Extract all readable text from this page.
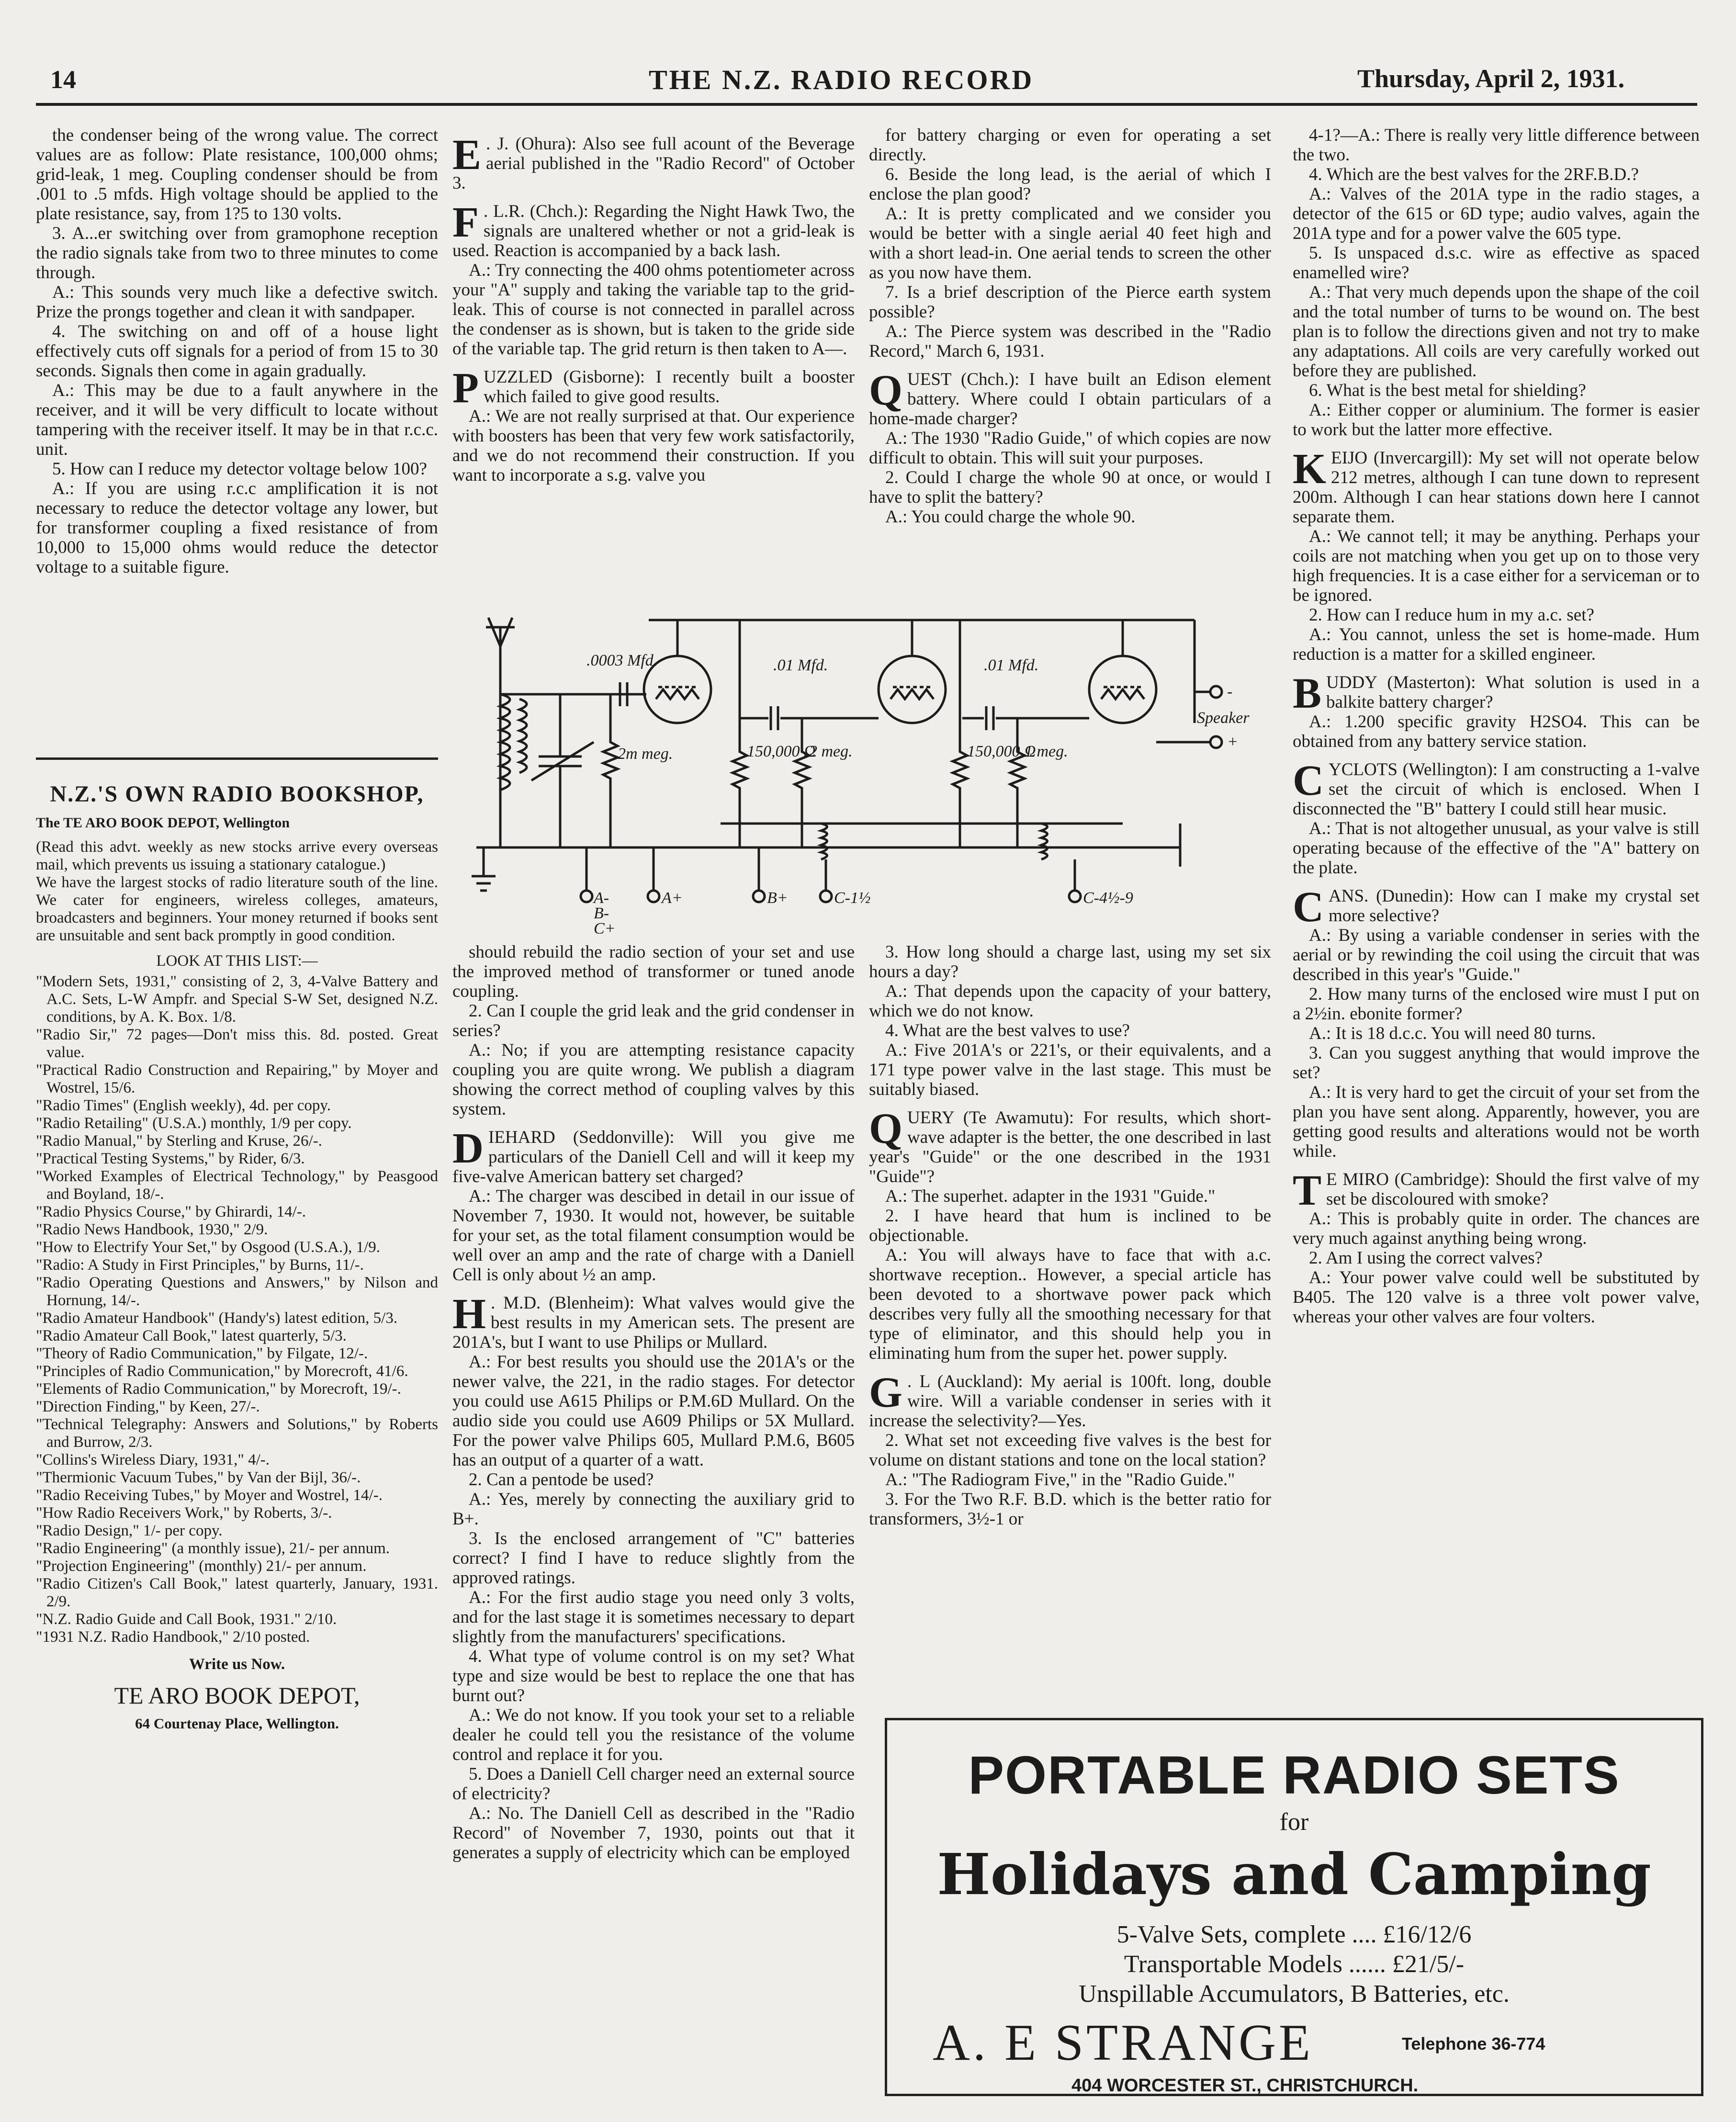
14	THE N.Z. RADIO RECORD	Thursday, April 2, 1931.

the condenser being of the wrong value. The correct values are as follow: Plate resistance, 100,000 ohms; grid-leak, 1 meg. Coupling condenser should be from .001 to .5 mfds. High voltage should be applied to the plate resistance, say, from 1?5 to 130 volts.

3. A...er switching over from gramophone reception the radio signals take from two to three minutes to come through.

A.: This sounds very much like a defective switch. Prize the prongs together and clean it with sandpaper.

4. The switching on and off of a house light effectively cuts off signals for a period of from 15 to 30 seconds. Signals then come in again gradually.

A.: This may be due to a fault anywhere in the receiver, and it will be very difficult to locate without tampering with the receiver itself. It may be in that r.c.c. unit.

5. How can I reduce my detector voltage below 100?

A.: If you are using r.c.c amplification it is not necessary to reduce the detector voltage any lower, but for transformer coupling a fixed resistance of from 10,000 to 15,000 ohms would reduce the detector voltage to a suitable figure.

N.Z.'S OWN RADIO BOOKSHOP,
The TE ARO BOOK DEPOT, Wellington

(Read this advt. weekly as new stocks arrive every overseas mail, which prevents us issuing a stationary catalogue.)

We have the largest stocks of radio literature south of the line. We cater for engineers, wireless colleges, amateurs, broadcasters and beginners. Your money returned if books sent are unsuitable and sent back promptly in good condition.

LOOK AT THIS LIST:—

"Modern Sets, 1931," consisting of 2, 3, 4-Valve Battery and A.C. Sets, L-W Ampfr. and Special S-W Set, designed N.Z. conditions, by A. K. Box. 1/8.

"Radio Sir," 72 pages—Don't miss this. 8d. posted. Great value.

"Practical Radio Construction and Repairing," by Moyer and Wostrel, 15/6.

"Radio Times" (English weekly), 4d. per copy.

"Radio Retailing" (U.S.A.) monthly, 1/9 per copy.

"Radio Manual," by Sterling and Kruse, 26/-.

"Practical Testing Systems," by Rider, 6/3.

"Worked Examples of Electrical Technology," by Peasgood and Boyland, 18/-.

"Radio Physics Course," by Ghirardi, 14/-.

"Radio News Handbook, 1930," 2/9.

"How to Electrify Your Set," by Osgood (U.S.A.), 1/9.

"Radio: A Study in First Principles," by Burns, 11/-.

"Radio Operating Questions and Answers," by Nilson and Hornung, 14/-.

"Radio Amateur Handbook" (Handy's) latest edition, 5/3.

"Radio Amateur Call Book," latest quarterly, 5/3.

"Theory of Radio Communication," by Filgate, 12/-.

"Principles of Radio Communication," by Morecroft, 41/6.

"Elements of Radio Communication," by Morecroft, 19/-.

"Direction Finding," by Keen, 27/-.

"Technical Telegraphy: Answers and Solutions," by Roberts and Burrow, 2/3.

"Collins's Wireless Diary, 1931," 4/-.

"Thermionic Vacuum Tubes," by Van der Bijl, 36/-.

"Radio Receiving Tubes," by Moyer and Wostrel, 14/-.

"How Radio Receivers Work," by Roberts, 3/-.

"Radio Design," 1/- per copy.

"Radio Engineering" (a monthly issue), 21/- per annum.

"Projection Engineering" (monthly) 21/- per annum.

"Radio Citizen's Call Book," latest quarterly, January, 1931. 2/9.

"N.Z. Radio Guide and Call Book, 1931." 2/10.

"1931 N.Z. Radio Handbook," 2/10 posted.

Write us Now.

TE ARO BOOK DEPOT,
64 Courtenay Place, Wellington.

E . J. (Ohura): Also see full acount of the Beverage aerial published in the "Radio Record" of October 3.

F . L.R. (Chch.): Regarding the Night Hawk Two, the signals are unaltered whether or not a grid-leak is used. Reaction is accompanied by a back lash.

A.: Try connecting the 400 ohms potentiometer across your "A" supply and taking the variable tap to the grid-leak. This of course is not connected in parallel across the condenser as is shown, but is taken to the gride side of the variable tap. The grid return is then taken to A—.

PUZZLED (Gisborne): I recently built a booster which failed to give good results.

A.: We are not really surprised at that. Our experience with boosters has been that very few work satisfactorily, and we do not recommend their construction. If you want to incorporate a s.g. valve you

for battery charging or even for operating a set directly.

6. Beside the long lead, is the aerial of which I enclose the plan good?

A.: It is pretty complicated and we consider you would be better with a single aerial 40 feet high and with a short lead-in. One aerial tends to screen the other as you now have them.

7. Is a brief description of the Pierce earth system possible?

A.: The Pierce system was described in the "Radio Record," March 6, 1931.

QUEST (Chch.): I have built an Edison element battery. Where could I obtain particulars of a home-made charger?

A.: The 1930 "Radio Guide," of which copies are now difficult to obtain. This will suit your purposes.

2. Could I charge the whole 90 at once, or would I have to split the battery?

A.: You could charge the whole 90.

.0003 Mfd	.01 Mfd.	.01 Mfd.
2m meg.	150,000 Ω
2 meg.	150,000 Ω
1 meg.
Speaker
-
+
A-
B-
C+
A+	B+	C-1½	C-4½-9

should rebuild the radio section of your set and use the improved method of transformer or tuned anode coupling.

2. Can I couple the grid leak and the grid condenser in series?

A.: No; if you are attempting resistance capacity coupling you are quite wrong. We publish a diagram showing the correct method of coupling valves by this system.

DIEHARD (Seddonville): Will you give me particulars of the Daniell Cell and will it keep my five-valve American battery set charged?

A.: The charger was descibed in detail in our issue of November 7, 1930. It would not, however, be suitable for your set, as the total filament consumption would be well over an amp and the rate of charge with a Daniell Cell is only about ½ an amp.

H . M.D. (Blenheim): What valves would give the best results in my American sets. The present are 201A's, but I want to use Philips or Mullard.

A.: For best results you should use the 201A's or the newer valve, the 221, in the radio stages. For detector you could use A615 Philips or P.M.6D Mullard. On the audio side you could use A609 Philips or 5X Mullard. For the power valve Philips 605, Mullard P.M.6, B605 has an output of a quarter of a watt.

2. Can a pentode be used?

A.: Yes, merely by connecting the auxiliary grid to B+.

3. Is the enclosed arrangement of "C" batteries correct? I find I have to reduce slightly from the approved ratings.

A.: For the first audio stage you need only 3 volts, and for the last stage it is sometimes necessary to depart slightly from the manufacturers' specifications.

4. What type of volume control is on my set? What type and size would be best to replace the one that has burnt out?

A.: We do not know. If you took your set to a reliable dealer he could tell you the resistance of the volume control and replace it for you.

5. Does a Daniell Cell charger need an external source of electricity?

A.: No. The Daniell Cell as described in the "Radio Record" of November 7, 1930, points out that it generates a supply of electricity which can be employed

3. How long should a charge last, using my set six hours a day?

A.: That depends upon the capacity of your battery, which we do not know.

4. What are the best valves to use?

A.: Five 201A's or 221's, or their equivalents, and a 171 type power valve in the last stage. This must be suitably biased.

QUERY (Te Awamutu): For results, which short-wave adapter is the better, the one described in last year's "Guide" or the one described in the 1931 "Guide"?

A.: The superhet. adapter in the 1931 "Guide."

2. I have heard that hum is inclined to be objectionable.

A.: You will always have to face that with a.c. shortwave reception.. However, a special article has been devoted to a shortwave power pack which describes very fully all the smoothing necessary for that type of eliminator, and this should help you in eliminating hum from the super het. power supply.

G . L (Auckland): My aerial is 100ft. long, double wire. Will a variable condenser in series with it increase the selectivity?—Yes.

2. What set not exceeding five valves is the best for volume on distant stations and tone on the local station?

A.: "The Radiogram Five," in the "Radio Guide."

3. For the Two R.F. B.D. which is the better ratio for transformers, 3½-1 or

4-1?—A.: There is really very little difference between the two.

4. Which are the best valves for the 2RF.B.D.?

A.: Valves of the 201A type in the radio stages, a detector of the 615 or 6D type; audio valves, again the 201A type and for a power valve the 605 type.

5. Is unspaced d.s.c. wire as effective as spaced enamelled wire?

A.: That very much depends upon the shape of the coil and the total number of turns to be wound on. The best plan is to follow the directions given and not try to make any adaptations. All coils are very carefully worked out before they are published.

6. What is the best metal for shielding?

A.: Either copper or aluminium. The former is easier to work but the latter more effective.

KEIJO (Invercargill): My set will not operate below 212 metres, although I can tune down to represent 200m. Although I can hear stations down here I cannot separate them.

A.: We cannot tell; it may be anything. Perhaps your coils are not matching when you get up on to those very high frequencies. It is a case either for a serviceman or to be ignored.

2. How can I reduce hum in my a.c. set?

A.: You cannot, unless the set is home-made. Hum reduction is a matter for a skilled engineer.

BUDDY (Masterton): What solution is used in a balkite battery charger?

A.: 1.200 specific gravity H2SO4. This can be obtained from any battery service station.

CYCLOTS (Wellington): I am constructing a 1-valve set the circuit of which is enclosed. When I disconnected the "B" battery I could still hear music.

A.: That is not altogether unusual, as your valve is still operating because of the effective of the "A" battery on the plate.

CANS. (Dunedin): How can I make my crystal set more selective?

A.: By using a variable condenser in series with the aerial or by rewinding the coil using the circuit that was described in this year's "Guide."

2. How many turns of the enclosed wire must I put on a 2½in. ebonite former?

A.: It is 18 d.c.c. You will need 80 turns.

3. Can you suggest anything that would improve the set?

A.: It is very hard to get the circuit of your set from the plan you have sent along. Apparently, however, you are getting good results and alterations would not be worth while.

T E MIRO (Cambridge): Should the first valve of my set be discoloured with smoke?

A.: This is probably quite in order. The chances are very much against anything being wrong.

2. Am I using the correct valves?

A.: Your power valve could well be substituted by B405. The 120 valve is a three volt power valve, whereas your other valves are four volters.

PORTABLE RADIO SETS
for
Holidays and Camping
5-Valve Sets, complete .... £16/12/6
Transportable Models ...... £21/5/-
Unspillable Accumulators, B Batteries, etc.
A. E STRANGE	Telephone 36-774
404 WORCESTER ST., CHRISTCHURCH.
